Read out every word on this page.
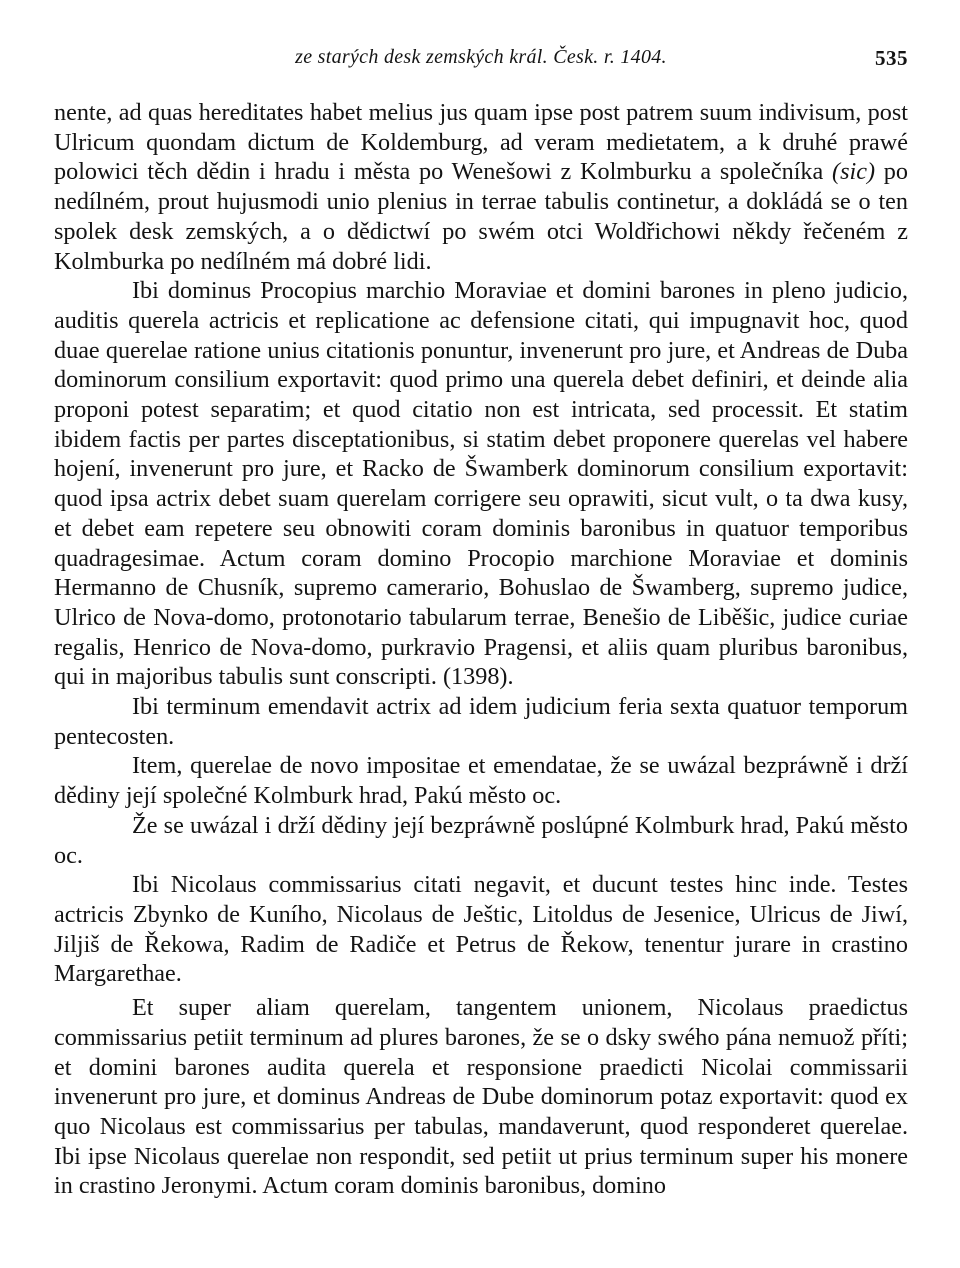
ze starých desk zemských král. Česk. r. 1404.	535

nente, ad quas hereditates habet melius jus quam ipse post patrem suum indivisum, post Ulricum quondam dictum de Koldemburg, ad veram medietatem, a k druhé prawé polowici těch dědin i hradu i města po Wenešowi z Kolmburku a společníka (sic) po nedílném, prout hujusmodi unio plenius in terrae tabulis continetur, a dokládá se o ten spolek desk zemských, a o dědictwí po swém otci Woldřichowi někdy řečeném z Kolmburka po nedílném má dobré lidi.

Ibi dominus Procopius marchio Moraviae et domini barones in pleno judicio, auditis querela actricis et replicatione ac defensione citati, qui impugnavit hoc, quod duae querelae ratione unius citationis ponuntur, invenerunt pro jure, et Andreas de Duba dominorum consilium exportavit: quod primo una querela debet definiri, et deinde alia proponi potest separatim; et quod citatio non est intricata, sed processit. Et statim ibidem factis per partes disceptationibus, si statim debet proponere querelas vel habere hojení, invenerunt pro jure, et Racko de Šwamberk dominorum consilium exportavit: quod ipsa actrix debet suam querelam corrigere seu oprawiti, sicut vult, o ta dwa kusy, et debet eam repetere seu obnowiti coram dominis baronibus in quatuor temporibus quadragesimae. Actum coram domino Procopio marchione Moraviae et dominis Hermanno de Chusník, supremo camerario, Bohuslao de Šwamberg, supremo judice, Ulrico de Nova-domo, protonotario tabularum terrae, Benešio de Liběšic, judice curiae regalis, Henrico de Nova-domo, purkravio Pragensi, et aliis quam pluribus baronibus, qui in majoribus tabulis sunt conscripti. (1398).

Ibi terminum emendavit actrix ad idem judicium feria sexta quatuor temporum pentecosten.

Item, querelae de novo impositae et emendatae, že se uwázal bezpráwně i drží dědiny její společné Kolmburk hrad, Pakú město oc.

Že se uwázal i drží dědiny její bezpráwně poslúpné Kolmburk hrad, Pakú město oc.

Ibi Nicolaus commissarius citati negavit, et ducunt testes hinc inde. Testes actricis Zbynko de Kuního, Nicolaus de Ještic, Litoldus de Jesenice, Ulricus de Jiwí, Jiljiš de Řekowa, Radim de Radiče et Petrus de Řekow, tenentur jurare in crastino Margarethae.

Et super aliam querelam, tangentem unionem, Nicolaus praedictus commissarius petiit terminum ad plures barones, že se o dsky swého pána nemuož příti; et domini barones audita querela et responsione praedicti Nicolai commissarii invenerunt pro jure, et dominus Andreas de Dube dominorum potaz exportavit: quod ex quo Nicolaus est commissarius per tabulas, mandaverunt, quod responderet querelae. Ibi ipse Nicolaus querelae non respondit, sed petiit ut prius terminum super his monere in crastino Jeronymi. Actum coram dominis baronibus, domino
